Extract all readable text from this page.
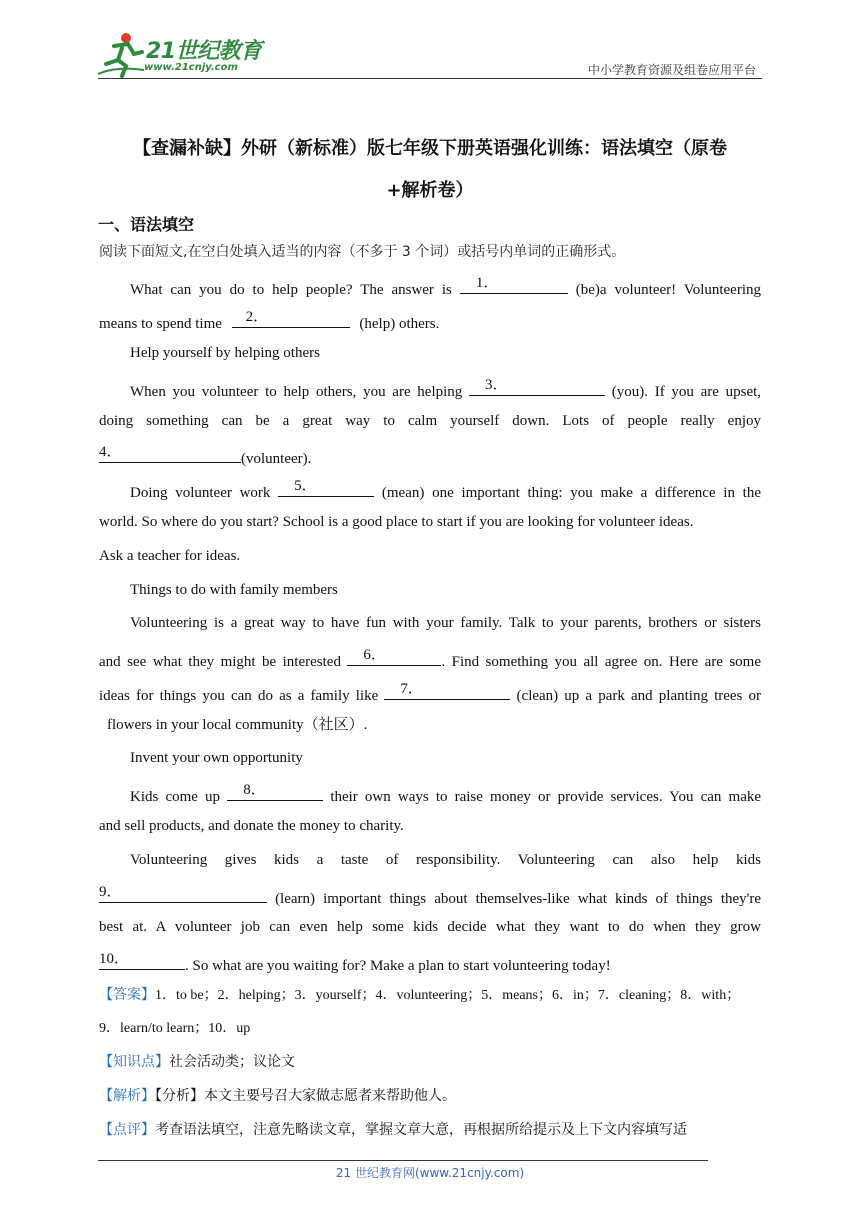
21世纪教育
www.21cnjy.com	中小学教育资源及组卷应用平台
【查漏补缺】外研（新标准）版七年级下册英语强化训练：语法填空（原卷
+解析卷）
一、语法填空
阅读下面短文,在空白处填入适当的内容（不多于 3 个词）或括号内单词的正确形式。
What can you do to help people? The answer is 1．	(be)a volunteer! Volunteering
means to spend time 2．	(help) others.
Help yourself by helping others
When you volunteer to help others, you are helping 3．	(you). If you are upset,
doing something can be a great way to calm yourself down. Lots of people really enjoy
4．	(volunteer).
Doing volunteer work 5．	(mean) one important thing: you make a difference in the
world. So where do you start? School is a good place to start if you are looking for volunteer ideas.
Ask a teacher for ideas.
Things to do with family members
Volunteering is a great way to have fun with your family. Talk to your parents, brothers or sisters
and see what they might be interested 6．	. Find something you all agree on. Here are some
ideas for things you can do as a family like 7．	(clean) up a park and planting trees or
flowers in your local community（社区）.
Invent your own opportunity
Kids come up 8．	their own ways to raise money or provide services. You can make
and sell products, and donate the money to charity.
Volunteering gives kids a taste of responsibility. Volunteering can also help kids
9．	(learn) important things about themselves-like what kinds of things they're
best at. A volunteer job can even help some kids decide what they want to do when they grow
10．	. So what are you waiting for? Make a plan to start volunteering today!
【答案】1．to be；2．helping；3．yourself；4．volunteering；5．means；6．in；7．cleaning；8．with；
9．learn/to learn；10．up
【知识点】社会活动类；议论文
【解析】【分析】本文主要号召大家做志愿者来帮助他人。
【点评】考查语法填空，注意先略读文章，掌握文章大意，再根据所给提示及上下文内容填写适
21 世纪教育网(www.21cnjy.com)
